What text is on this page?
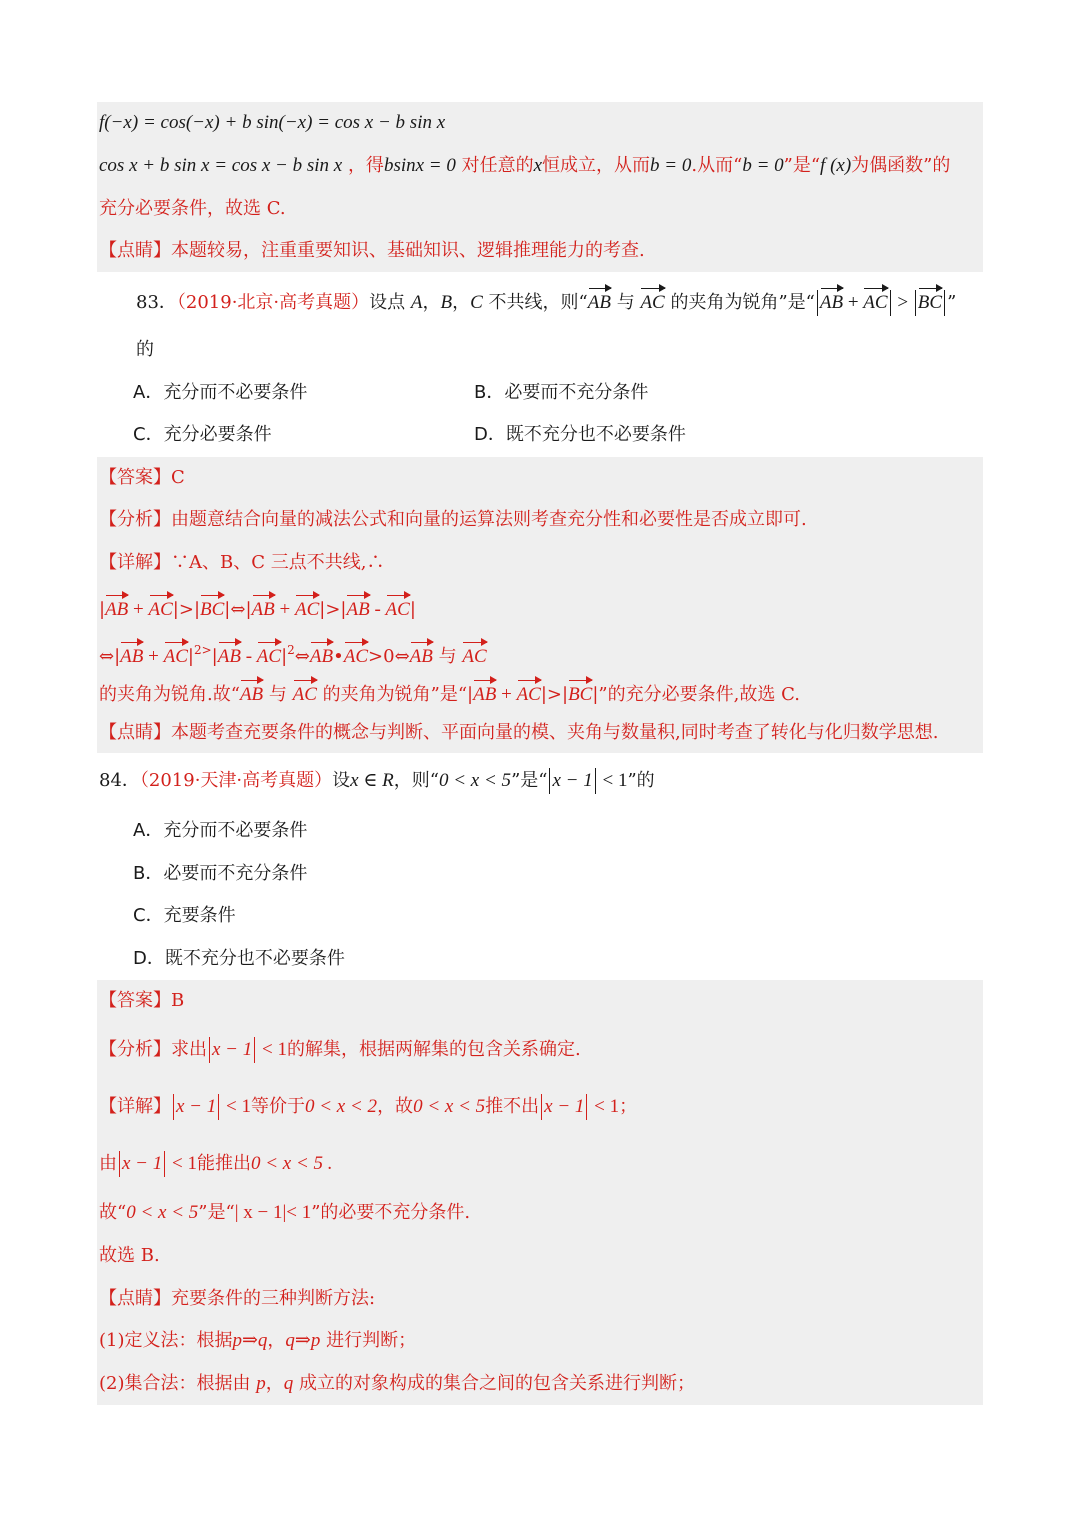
f(−x) = cos(−x) + b sin(−x) = cos x − b sin x
cos x + b sin x = cos x − b sin x ，得bsinx = 0 对任意的x恒成立，从而b = 0.从而“b = 0”是“f (x)为偶函数”的
充分必要条件，故选 C.
【点睛】本题较易，注重重要知识、基础知识、逻辑推理能力的考查.
83．（2019·北京·高考真题）设点 A，B，C 不共线，则“AB 与 AC 的夹角为锐角”是“ AB + AC > BC ”
的
A．充分而不必要条件	B．必要而不充分条件
C．充分必要条件	D．既不充分也不必要条件
【答案】C
【分析】由题意结合向量的减法公式和向量的运算法则考查充分性和必要性是否成立即可.
【详解】∵A、B、C 三点不共线,∴
|AB + AC|>|BC|⇔|AB + AC|>|AB - AC|
⇔|AB + $AC|^{2>}|AB$ - $AC|^2\Leftrightarrow AB•AC>0\Leftrightarrow AB$ 与 AC
的夹角为锐角.故“AB 与 AC 的夹角为锐角”是“|AB + AC|>|BC|”的充分必要条件,故选 C.
【点睛】本题考查充要条件的概念与判断、平面向量的模、夹角与数量积,同时考查了转化与化归数学思想.
84．（2019·天津·高考真题）设x ∈ R，则“0 < x < 5”是“ x − 1 < 1”的
A．充分而不必要条件
B．必要而不充分条件
C．充要条件
D．既不充分也不必要条件
【答案】B
【分析】求出 x − 1 < 1的解集，根据两解集的包含关系确定.
【详解】 x − 1 < 1等价于0 < x < 2，故0 < x < 5推不出 x − 1 < 1；
由 x − 1 < 1能推出0 < x < 5 .
故“0 < x < 5”是“| x − 1|< 1”的必要不充分条件.
故选 B.
【点睛】充要条件的三种判断方法:
(1)定义法：根据p⇒q，q⇒p 进行判断；
(2)集合法：根据由 p，q 成立的对象构成的集合之间的包含关系进行判断；
